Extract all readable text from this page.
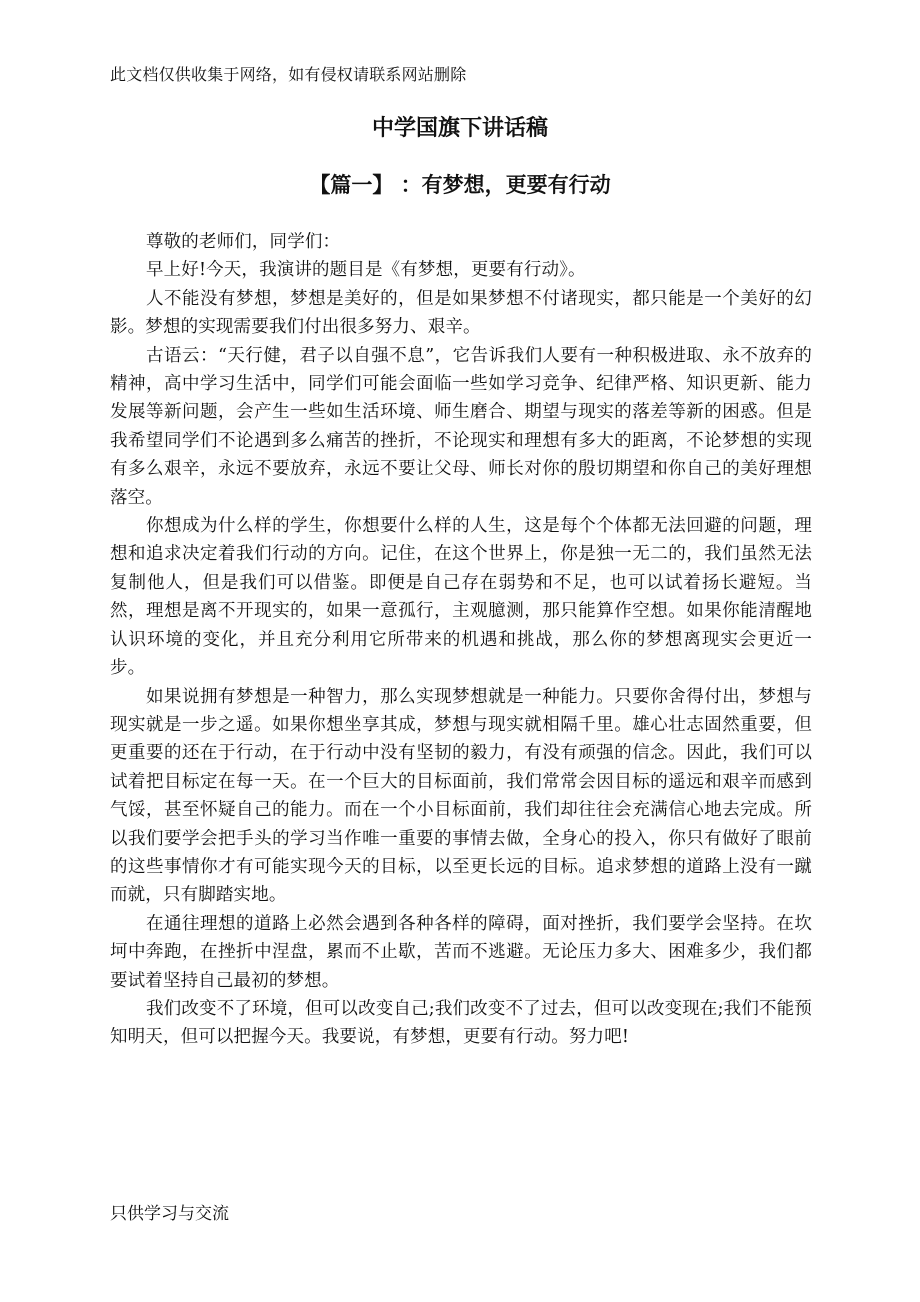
此文档仅供收集于网络，如有侵权请联系网站删除
中学国旗下讲话稿
【篇一】 ：有梦想，更要有行动

尊敬的老师们，同学们：

早上好!今天，我演讲的题目是《有梦想，更要有行动》。

人不能没有梦想，梦想是美好的，但是如果梦想不付诸现实，都只能是一个美好的幻影。梦想的实现需要我们付出很多努力、艰辛。

古语云：“天行健，君子以自强不息”，它告诉我们人要有一种积极进取、永不放弃的精神，高中学习生活中，同学们可能会面临一些如学习竞争、纪律严格、知识更新、能力发展等新问题，会产生一些如生活环境、师生磨合、期望与现实的落差等新的困惑。但是我希望同学们不论遇到多么痛苦的挫折，不论现实和理想有多大的距离，不论梦想的实现有多么艰辛，永远不要放弃，永远不要让父母、师长对你的殷切期望和你自己的美好理想落空。

你想成为什么样的学生，你想要什么样的人生，这是每个个体都无法回避的问题，理想和追求决定着我们行动的方向。记住，在这个世界上，你是独一无二的，我们虽然无法复制他人，但是我们可以借鉴。即便是自己存在弱势和不足，也可以试着扬长避短。当然，理想是离不开现实的，如果一意孤行，主观臆测，那只能算作空想。如果你能清醒地认识环境的变化，并且充分利用它所带来的机遇和挑战，那么你的梦想离现实会更近一步。

如果说拥有梦想是一种智力，那么实现梦想就是一种能力。只要你舍得付出，梦想与现实就是一步之遥。如果你想坐享其成，梦想与现实就相隔千里。雄心壮志固然重要，但更重要的还在于行动，在于行动中没有坚韧的毅力，有没有顽强的信念。因此，我们可以试着把目标定在每一天。在一个巨大的目标面前，我们常常会因目标的遥远和艰辛而感到气馁，甚至怀疑自己的能力。而在一个小目标面前，我们却往往会充满信心地去完成。所以我们要学会把手头的学习当作唯一重要的事情去做，全身心的投入，你只有做好了眼前的这些事情你才有可能实现今天的目标，以至更长远的目标。追求梦想的道路上没有一蹴而就，只有脚踏实地。

在通往理想的道路上必然会遇到各种各样的障碍，面对挫折，我们要学会坚持。在坎坷中奔跑，在挫折中涅盘，累而不止歇，苦而不逃避。无论压力多大、困难多少，我们都要试着坚持自己最初的梦想。

我们改变不了环境，但可以改变自己;我们改变不了过去，但可以改变现在;我们不能预知明天，但可以把握今天。我要说，有梦想，更要有行动。努力吧!

只供学习与交流
